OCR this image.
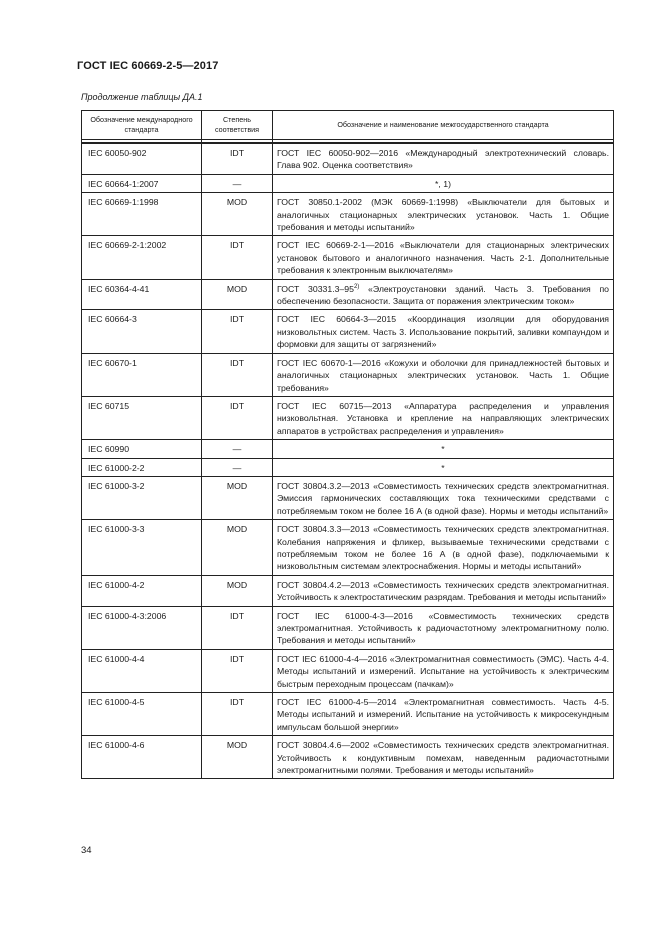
ГОСТ IEC 60669-2-5—2017
Продолжение таблицы ДА.1
Обозначение международного стандарта	Степень соответствия	Обозначение и наименование межгосударственного стандарта

IEC 60050-902	IDT	ГОСТ IEC 60050-902—2016 «Международный электротехнический словарь. Глава 902. Оценка соответствия»
IEC 60664-1:2007	—	*, 1)
IEC 60669-1:1998	MOD	ГОСТ 30850.1-2002 (МЭК 60669-1:1998) «Выключатели для бытовых и аналогичных стационарных электрических установок. Часть 1. Общие требования и методы испытаний»
IEC 60669-2-1:2002	IDT	ГОСТ IEC 60669-2-1—2016 «Выключатели для стационарных электрических установок бытового и аналогичного назначения. Часть 2-1. Дополнительные требования к электронным выключателям»
IEC 60364-4-41	MOD	ГОСТ 30331.3–95$^{2)}$ «Электроустановки зданий. Часть 3. Требования по обеспечению безопасности. Защита от поражения электрическим током»
IEC 60664-3	IDT	ГОСТ IEC 60664-3—2015 «Координация изоляции для оборудования низковольтных систем. Часть 3. Использование покрытий, заливки компаундом и формовки для защиты от загрязнений»
IEC 60670-1	IDT	ГОСТ IEC 60670-1—2016 «Кожухи и оболочки для принадлежностей бытовых и аналогичных стационарных электрических установок. Часть 1. Общие требования»
IEC 60715	IDT	ГОСТ IEC 60715—2013 «Аппаратура распределения и управления низковольтная. Установка и крепление на направляющих электрических аппаратов в устройствах распределения и управления»
IEC 60990	—	*
IEC 61000-2-2	—	*
IEC 61000-3-2	MOD	ГОСТ 30804.3.2—2013 «Совместимость технических средств электромагнитная. Эмиссия гармонических составляющих тока техническими средствами с потребляемым током не более 16 А (в одной фазе). Нормы и методы испытаний»
IEC 61000-3-3	MOD	ГОСТ 30804.3.3—2013 «Совместимость технических средств электромагнитная. Колебания напряжения и фликер, вызываемые техническими средствами с потребляемым током не более 16 А (в одной фазе), подключаемыми к низковольтным системам электроснабжения. Нормы и методы испытаний»
IEC 61000-4-2	MOD	ГОСТ 30804.4.2—2013 «Совместимость технических средств электромагнитная. Устойчивость к электростатическим разрядам. Требования и методы испытаний»
IEC 61000-4-3:2006	IDT	ГОСТ IEC 61000-4-3—2016 «Совместимость технических средств электромагнитная. Устойчивость к радиочастотному электромагнитному полю. Требования и методы испытаний»
IEC 61000-4-4	IDT	ГОСТ IEC 61000-4-4—2016 «Электромагнитная совместимость (ЭМС). Часть 4-4. Методы испытаний и измерений. Испытание на устойчивость к электрическим быстрым переходным процессам (пачкам)»
IEC 61000-4-5	IDT	ГОСТ IEC 61000-4-5—2014 «Электромагнитная совместимость. Часть 4-5. Методы испытаний и измерений. Испытание на устойчивость к микросекундным импульсам большой энергии»
IEC 61000-4-6	MOD	ГОСТ 30804.4.6—2002 «Совместимость технических средств электромагнитная. Устойчивость к кондуктивным помехам, наведенным радиочастотными электромагнитными полями. Требования и методы испытаний»
34
